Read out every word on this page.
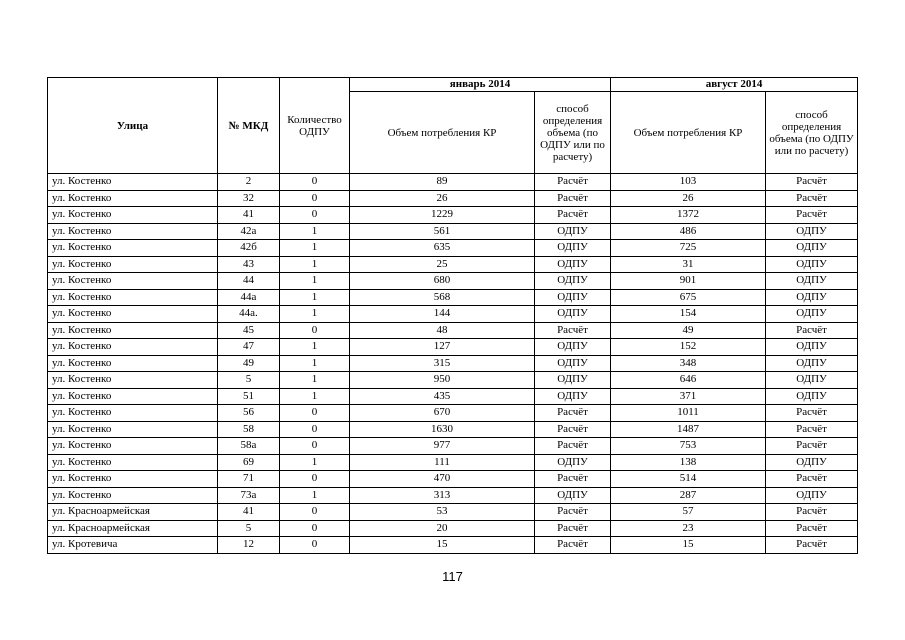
Улица	№ МКД	Количество ОДПУ	январь 2014		август 2014	
			Объем потребления КР	способ определения объема (по ОДПУ или по расчету)	Объем потребления КР	способ определения объема (по ОДПУ или по расчету)
ул. Костенко	2	0	89	Расчёт	103	Расчёт
ул. Костенко	32	0	26	Расчёт	26	Расчёт
ул. Костенко	41	0	1229	Расчёт	1372	Расчёт
ул. Костенко	42а	1	561	ОДПУ	486	ОДПУ
ул. Костенко	42б	1	635	ОДПУ	725	ОДПУ
ул. Костенко	43	1	25	ОДПУ	31	ОДПУ
ул. Костенко	44	1	680	ОДПУ	901	ОДПУ
ул. Костенко	44а	1	568	ОДПУ	675	ОДПУ
ул. Костенко	44а.	1	144	ОДПУ	154	ОДПУ
ул. Костенко	45	0	48	Расчёт	49	Расчёт
ул. Костенко	47	1	127	ОДПУ	152	ОДПУ
ул. Костенко	49	1	315	ОДПУ	348	ОДПУ
ул. Костенко	5	1	950	ОДПУ	646	ОДПУ
ул. Костенко	51	1	435	ОДПУ	371	ОДПУ
ул. Костенко	56	0	670	Расчёт	1011	Расчёт
ул. Костенко	58	0	1630	Расчёт	1487	Расчёт
ул. Костенко	58а	0	977	Расчёт	753	Расчёт
ул. Костенко	69	1	111	ОДПУ	138	ОДПУ
ул. Костенко	71	0	470	Расчёт	514	Расчёт
ул. Костенко	73а	1	313	ОДПУ	287	ОДПУ
ул. Красноармейская	41	0	53	Расчёт	57	Расчёт
ул. Красноармейская	5	0	20	Расчёт	23	Расчёт
ул. Кротевича	12	0	15	Расчёт	15	Расчёт
117
